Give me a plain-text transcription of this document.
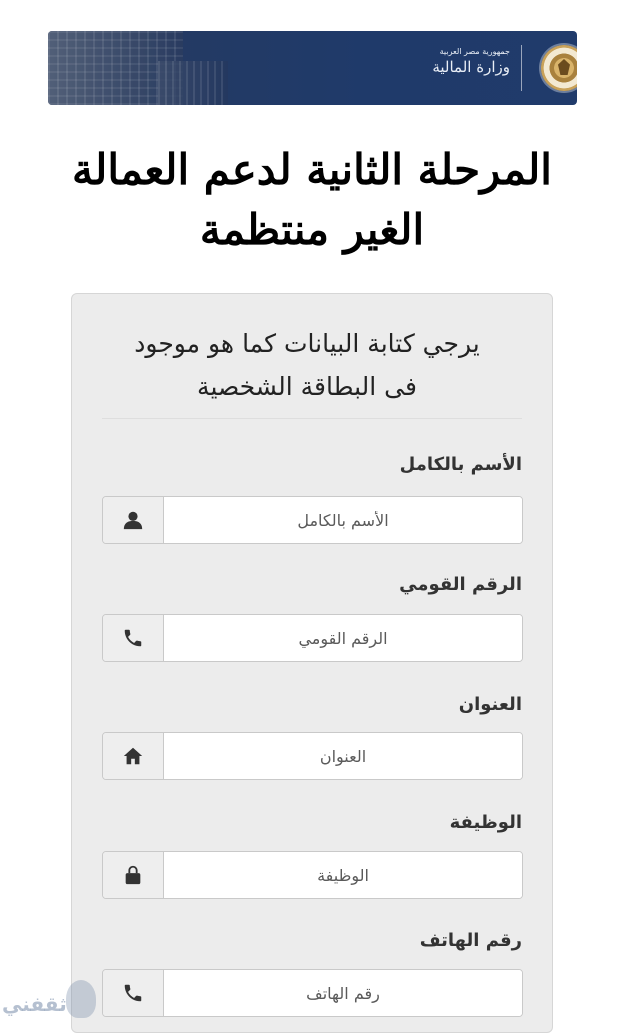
جمهورية مصر العربية
وزارة المالية
المرحلة الثانية لدعم العمالة
الغير منتظمة
يرجي كتابة البيانات كما هو موجود
فى البطاقة الشخصية
الأسم بالكامل
الأسم بالكامل
الرقم القومي
الرقم القومي
العنوان
العنوان
الوظيفة
الوظيفة
رقم الهاتف
رقم الهاتف
ثقفني
